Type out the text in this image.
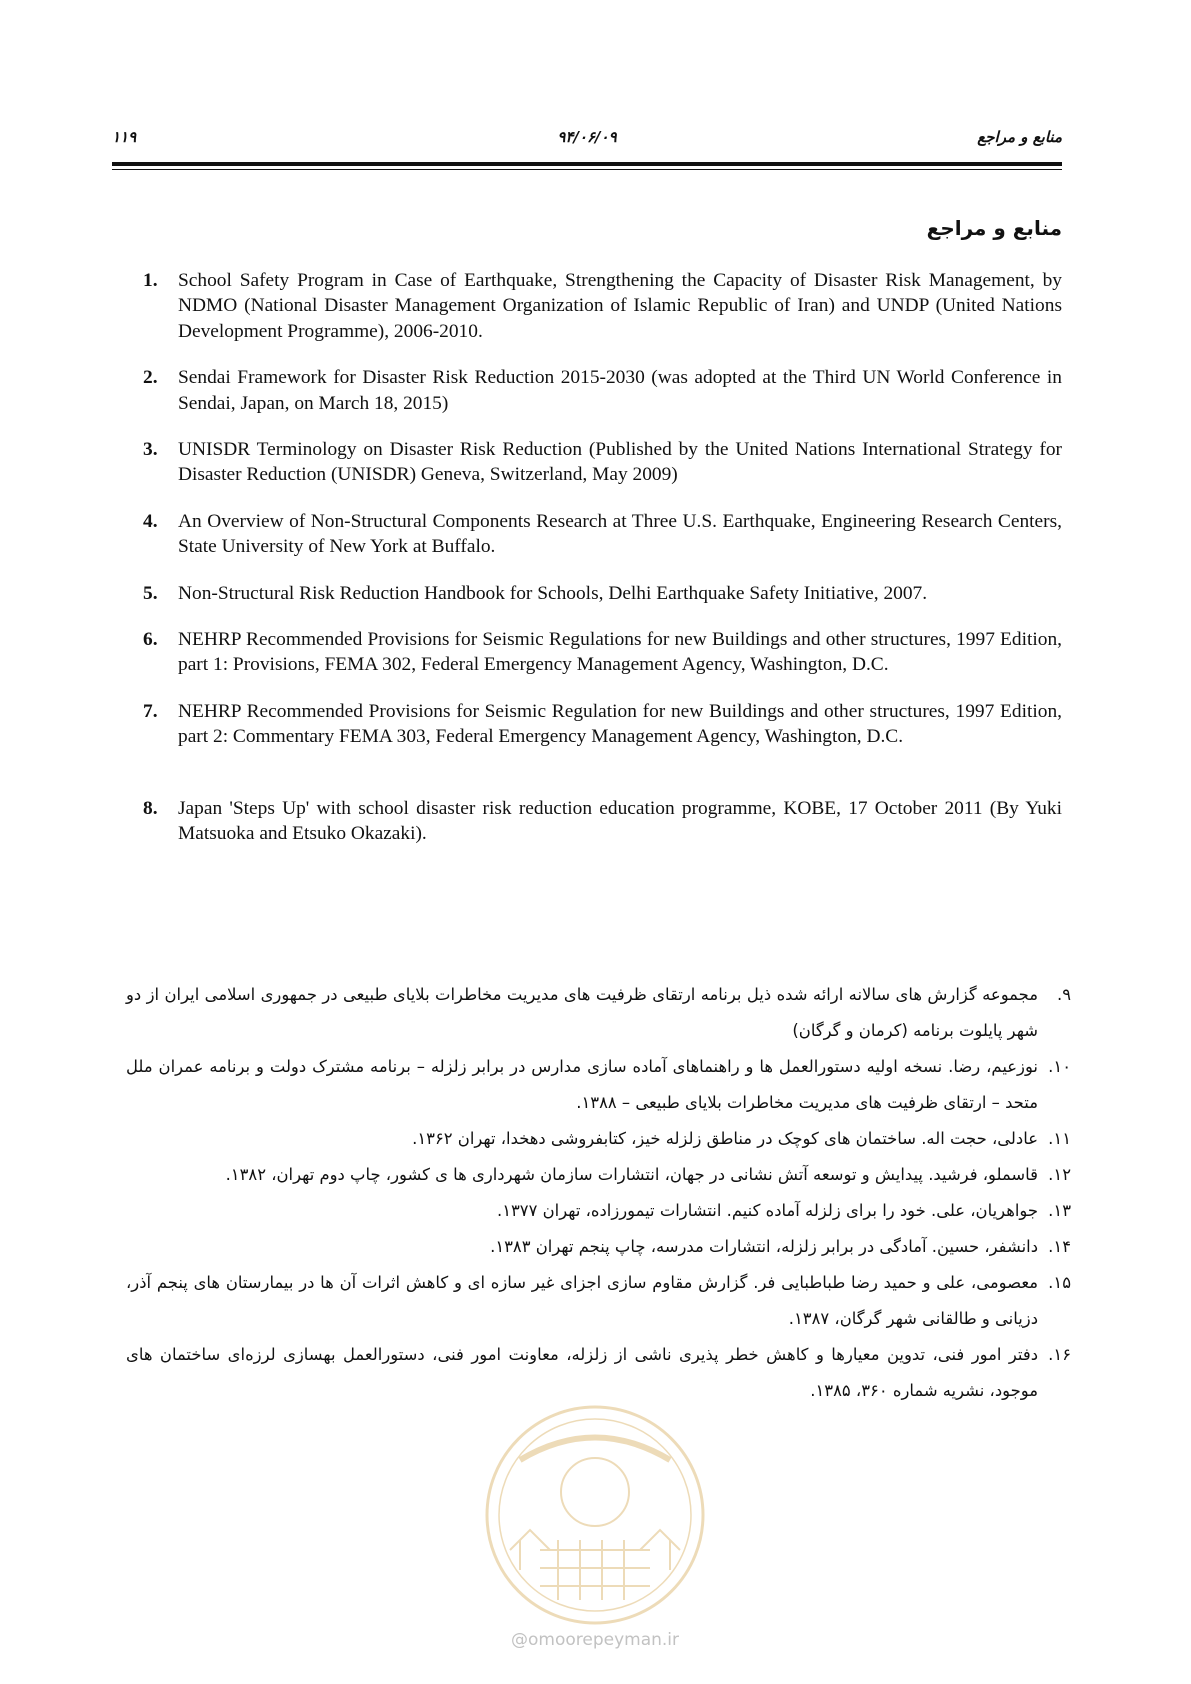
۱۱۹	۹۴/۰۶/۰۹	منابع و مراجع
منابع و مراجع
1. School Safety Program in Case of Earthquake, Strengthening the Capacity of Disaster Risk Management, by NDMO (National Disaster Management Organization of Islamic Republic of Iran) and UNDP (United Nations Development Programme), 2006-2010.
2. Sendai Framework for Disaster Risk Reduction 2015-2030 (was adopted at the Third UN World Conference in Sendai, Japan, on March 18, 2015)
3. UNISDR Terminology on Disaster Risk Reduction (Published by the United Nations International Strategy for Disaster Reduction (UNISDR) Geneva, Switzerland, May 2009)
4. An Overview of Non-Structural Components Research at Three U.S. Earthquake, Engineering Research Centers, State University of New York at Buffalo.
5. Non-Structural Risk Reduction Handbook for Schools, Delhi Earthquake Safety Initiative, 2007.
6. NEHRP Recommended Provisions for Seismic Regulations for new Buildings and other structures, 1997 Edition, part 1: Provisions, FEMA 302, Federal Emergency Management Agency, Washington, D.C.
7. NEHRP Recommended Provisions for Seismic Regulation for new Buildings and other structures, 1997 Edition, part 2: Commentary FEMA 303, Federal Emergency Management Agency, Washington, D.C.
8. Japan 'Steps Up' with school disaster risk reduction education programme, KOBE, 17 October 2011 (By Yuki Matsuoka and Etsuko Okazaki).
۹.
مجموعه گزارش های سالانه ارائه شده ذیل برنامه ارتقای ظرفیت های مدیریت مخاطرات بلایای طبیعی در جمهوری اسلامی ایران از دو شهر پایلوت برنامه (کرمان و گرگان)
۱۰.
نوزعیم، رضا. نسخه اولیه دستورالعمل ها و راهنماهای آماده سازی مدارس در برابر زلزله – برنامه مشترک دولت و برنامه عمران ملل متحد – ارتقای ظرفیت های مدیریت مخاطرات بلایای طبیعی – ۱۳۸۸.
۱۱.
عادلی، حجت اله. ساختمان های کوچک در مناطق زلزله خیز، کتابفروشی دهخدا، تهران ۱۳۶۲.
۱۲.
قاسملو، فرشید. پیدایش و توسعه آتش نشانی در جهان، انتشارات سازمان شهرداری ها ی کشور، چاپ دوم تهران، ۱۳۸۲.
۱۳.
جواهریان، علی. خود را برای زلزله آماده کنیم. انتشارات تیمورزاده، تهران ۱۳۷۷.
۱۴.
دانشفر، حسین. آمادگی در برابر زلزله، انتشارات مدرسه، چاپ پنجم تهران ۱۳۸۳.
۱۵.
معصومی، علی و حمید رضا طباطبایی فر. گزارش مقاوم سازی اجزای غیر سازه ای و کاهش اثرات آن ها در بیمارستان های پنجم آذر، دزیانی و طالقانی شهر گرگان، ۱۳۸۷.
۱۶.
دفتر امور فنی، تدوین معیارها و کاهش خطر پذیری ناشی از زلزله، معاونت امور فنی، دستورالعمل بهسازی لرزه‌ای ساختمان های موجود، نشریه شماره ۳۶۰، ۱۳۸۵.
@omoorepeyman.ir
